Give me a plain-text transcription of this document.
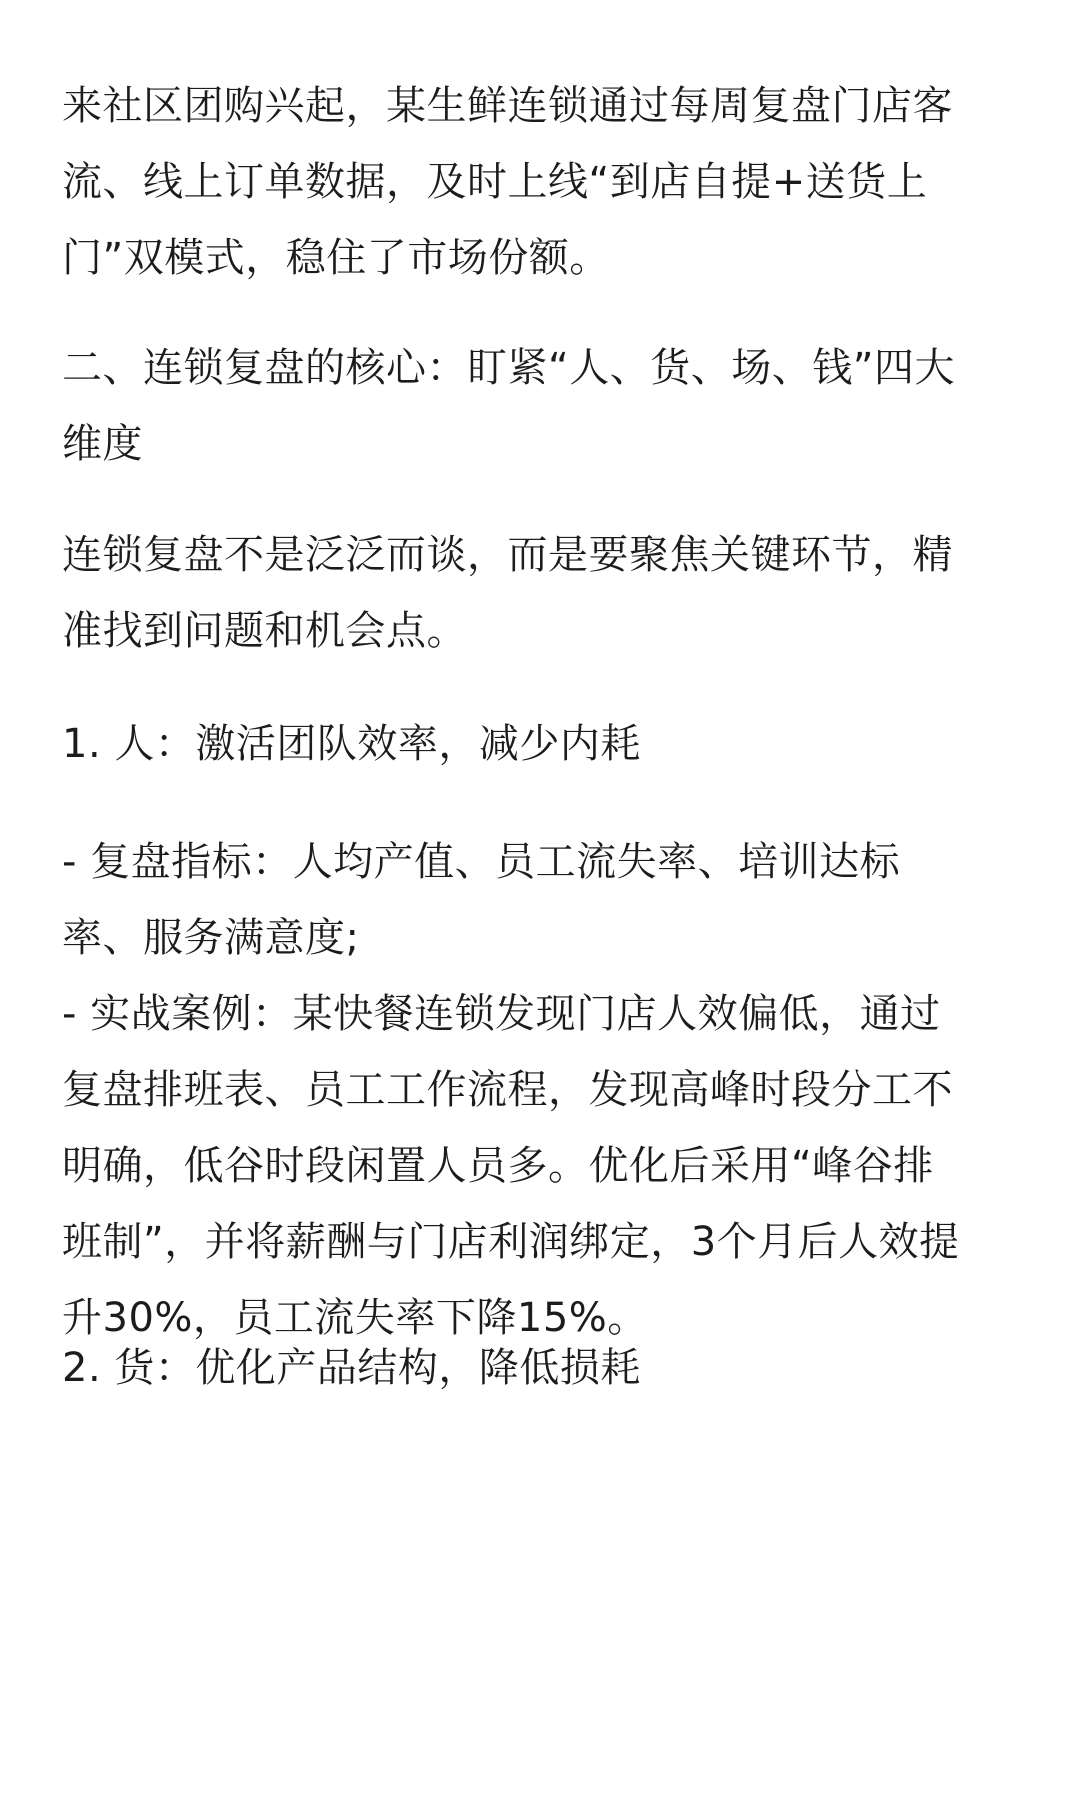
来社区团购兴起，某生鲜连锁通过每周复盘门店客
流、线上订单数据，及时上线“到店自提+送货上
门”双模式，稳住了市场份额。

二、连锁复盘的核心：盯紧“人、货、场、钱”四大
维度

连锁复盘不是泛泛而谈，而是要聚焦关键环节，精
准找到问题和机会点。

1. 人：激活团队效率，减少内耗

- 复盘指标：人均产值、员工流失率、培训达标
率、服务满意度;

- 实战案例：某快餐连锁发现门店人效偏低，通过
复盘排班表、员工工作流程，发现高峰时段分工不
明确，低谷时段闲置人员多。优化后采用“峰谷排
班制”，并将薪酬与门店利润绑定，3个月后人效提
升30%，员工流失率下降15%。

2. 货：优化产品结构，降低损耗
